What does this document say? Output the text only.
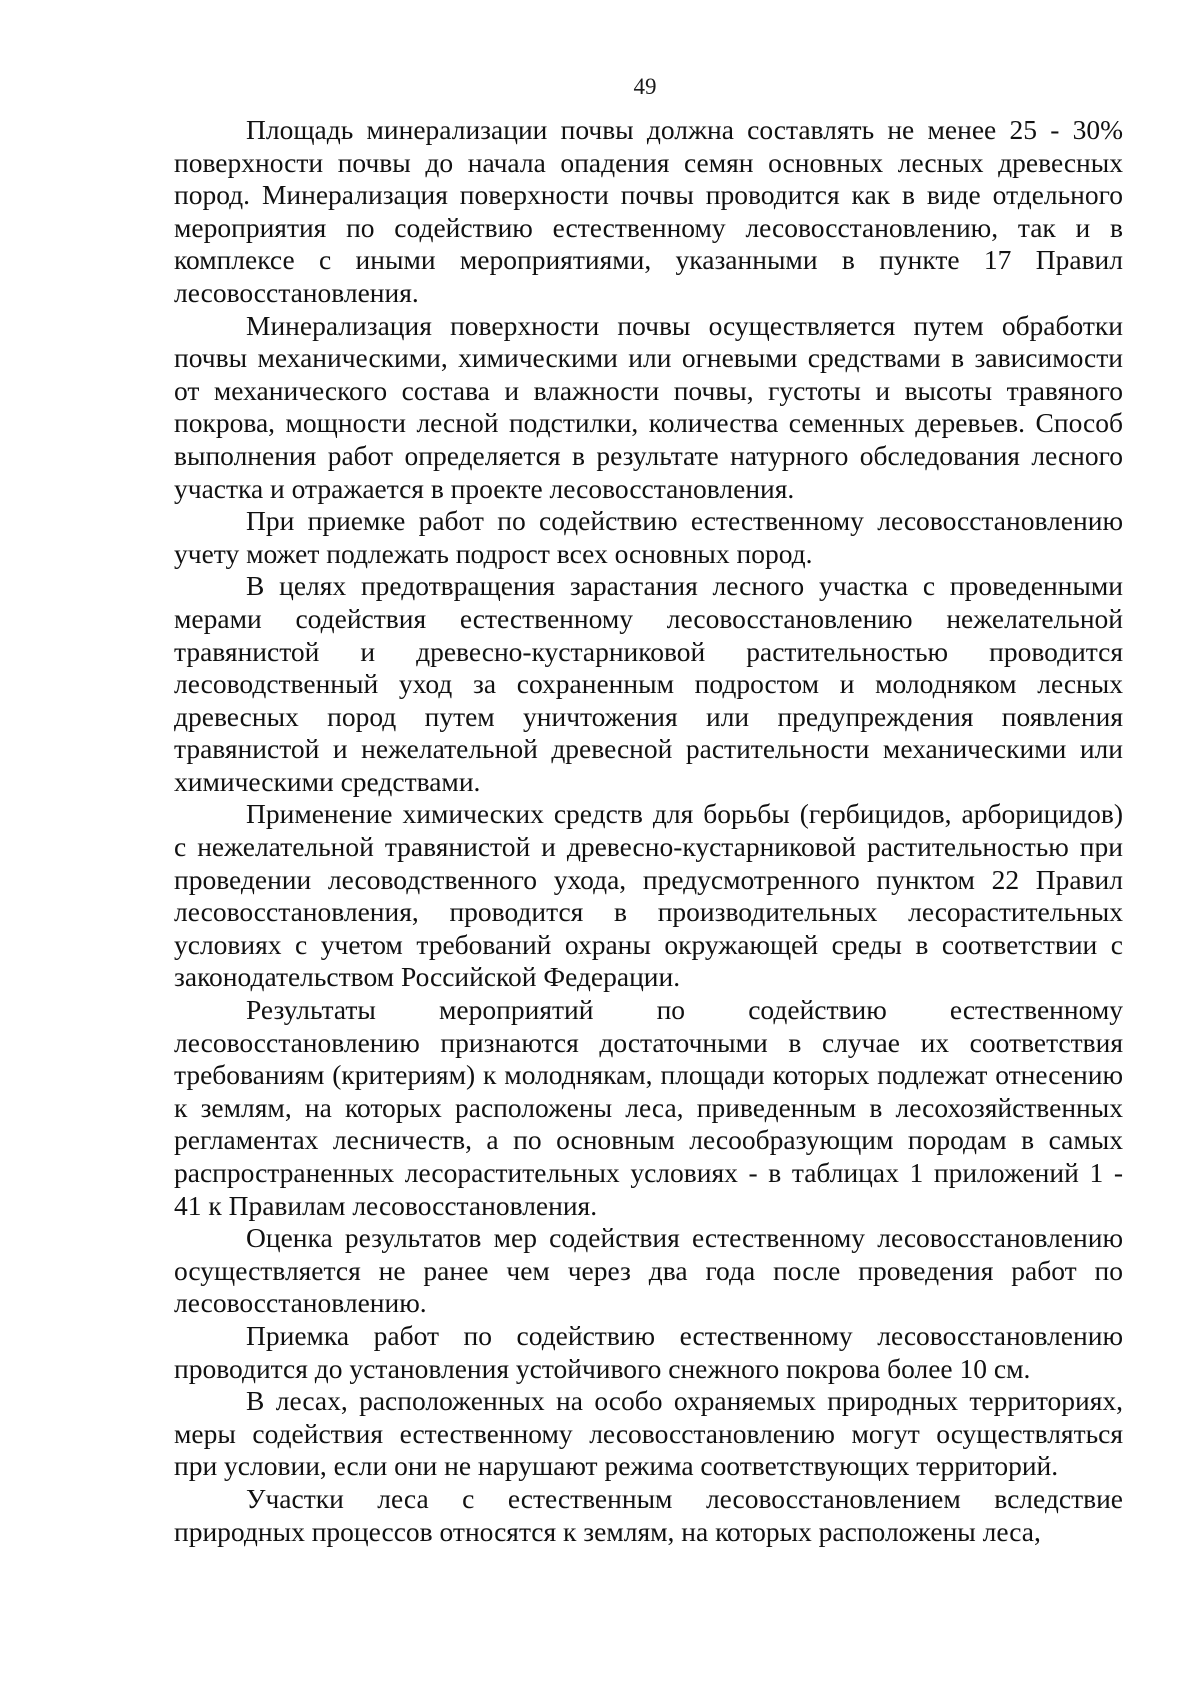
49

Площадь минерализации почвы должна составлять не менее 25 - 30% поверхности почвы до начала опадения семян основных лесных древесных пород. Минерализация поверхности почвы проводится как в виде отдельного мероприятия по содействию естественному лесовосстановлению, так и в комплексе с иными мероприятиями, указанными в пункте 17 Правил лесовосстановления.

Минерализация поверхности почвы осуществляется путем обработки почвы механическими, химическими или огневыми средствами в зависимости от механического состава и влажности почвы, густоты и высоты травяного покрова, мощности лесной подстилки, количества семенных деревьев. Способ выполнения работ определяется в результате натурного обследования лесного участка и отражается в проекте лесовосстановления.

При приемке работ по содействию естественному лесовосстановлению учету может подлежать подрост всех основных пород.

В целях предотвращения зарастания лесного участка с проведенными мерами содействия естественному лесовосстановлению нежелательной травянистой и древесно-кустарниковой растительностью проводится лесоводственный уход за сохраненным подростом и молодняком лесных древесных пород путем уничтожения или предупреждения появления травянистой и нежелательной древесной растительности механическими или химическими средствами.

Применение химических средств для борьбы (гербицидов, арборицидов) с нежелательной травянистой и древесно-кустарниковой растительностью при проведении лесоводственного ухода, предусмотренного пунктом 22 Правил лесовосстановления, проводится в производительных лесорастительных условиях с учетом требований охраны окружающей среды в соответствии с законодательством Российской Федерации.

Результаты мероприятий по содействию естественному лесовосстановлению признаются достаточными в случае их соответствия требованиям (критериям) к молоднякам, площади которых подлежат отнесению к землям, на которых расположены леса, приведенным в лесохозяйственных регламентах лесничеств, а по основным лесообразующим породам в самых распространенных лесорастительных условиях - в таблицах 1 приложений 1 - 41 к Правилам лесовосстановления.

Оценка результатов мер содействия естественному лесовосстановлению осуществляется не ранее чем через два года после проведения работ по лесовосстановлению.

Приемка работ по содействию естественному лесовосстановлению проводится до установления устойчивого снежного покрова более 10 см.

В лесах, расположенных на особо охраняемых природных территориях, меры содействия естественному лесовосстановлению могут осуществляться при условии, если они не нарушают режима соответствующих территорий.

Участки леса с естественным лесовосстановлением вследствие природных процессов относятся к землям, на которых расположены леса,
